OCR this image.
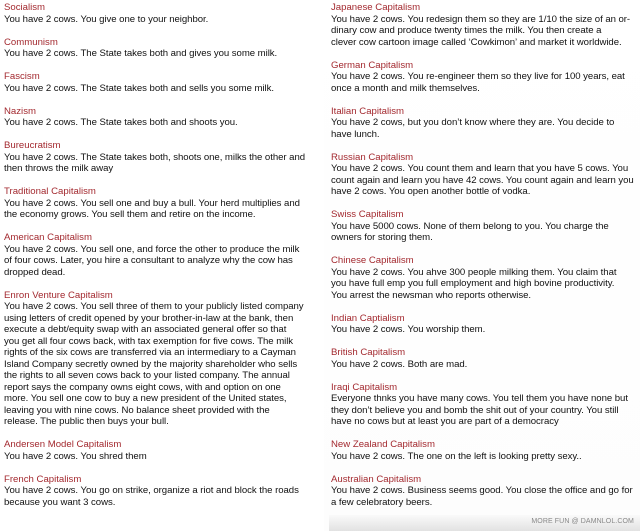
Socialism
You have 2 cows. You give one to your neighbor.
Communism
You have 2 cows. The State takes both and gives you some milk.
Fascism
You have 2 cows. The State takes both and sells you some milk.
Nazism
You have 2 cows. The State takes both and shoots you.
Bureucratism
You have 2 cows. The State takes both, shoots one, milks the other and
then throws the milk away
Traditional Capitalism
You have 2 cows. You sell one and buy a bull. Your herd multiplies and
the economy grows. You sell them and retire on the income.
American Capitalism
You have 2 cows. You sell one, and force the other to produce the milk
of four cows. Later, you hire a consultant to analyze why the cow has
dropped dead.
Enron Venture Capitalism
You have 2 cows. You sell three of them to your publicly listed company
using letters of credit opened by your brother-in-law at the bank, then
execute a debt/equity swap with an associated general offer so that
you get all four cows back, with tax exemption for five cows. The milk
rights of the six cows are transferred via an intermediary to a Cayman
Island Company secretly owned by the majority shareholder who sells
the rights to all seven cows back to your listed company. The annual
report says the company owns eight cows, with and option on one
more. You sell one cow to buy a new president of the United states,
leaving you with nine cows. No balance sheet provided with the
release. The public then buys your bull.
Andersen Model Capitalism
You have 2 cows. You shred them
French Capitalism
You have 2 cows. You go on strike, organize a riot and block the roads
because you want 3 cows.
Japanese Capitalism
You have 2 cows. You redesign them so they are 1/10 the size of an or-
dinary cow and produce twenty times the milk. You then create a
clever cow cartoon image called ‘Cowkimon’ and market it worldwide.
German Capitalism
You have 2 cows. You re-engineer them so they live for 100 years, eat
once a month and milk themselves.
Italian Capitalism
You have 2 cows, but you don’t know where they are. You decide to
have lunch.
Russian Capitalism
You have 2 cows. You count them and learn that you have 5 cows. You
count again and learn you have 42 cows. You count again and learn you
have 2 cows. You open another bottle of vodka.
Swiss Capitalism
You have 5000 cows. None of them belong to you. You charge the
owners for storing them.
Chinese Capitalism
You have 2 cows. You ahve 300 people milking them. You claim that
you have full emp you full employment and high bovine productivity.
You arrest the newsman who reports otherwise.
Indian Captialism
You have 2 cows. You worship them.
British Capitalism
You have 2 cows. Both are mad.
Iraqi Capitalism
Everyone thnks you have many cows. You tell them you have none but
they don’t believe you and bomb the shit out of your country. You still
have no cows but at least you are part of a democracy
New Zealand Capitalism
You have 2 cows. The one on the left is looking pretty sexy..
Australian Capitalism
You have 2 cows. Business seems good. You close the office and go for
a few celebratory beers.
MORE FUN @ DAMNLOL.COM
